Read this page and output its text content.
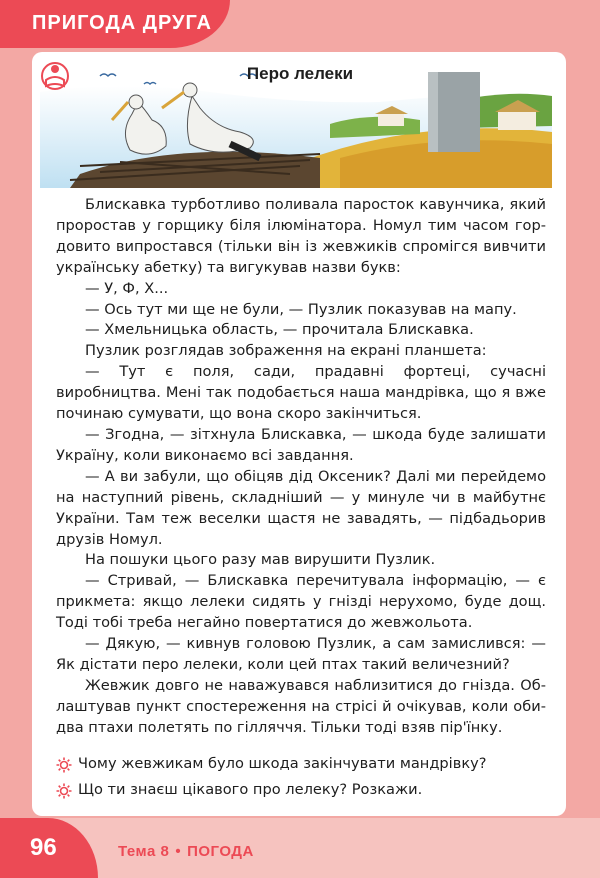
ПРИГОДА ДРУГА
Перо лелеки

Блискавка турботливо поливала паросток кавунчика, який проростав у горщику біля ілюмінатора. Номул тим часом гордовито випростався (тільки він із жевжиків спромігся вивчити українську абетку) та вигукував назви букв:

— У, Ф, Х...

— Ось тут ми ще не були, — Пузлик показував на мапу.

— Хмельницька область, — прочитала Блискавка.

Пузлик розглядав зображення на екрані планшета:

— Тут є поля, сади, прадавні фортеці, сучасні виробництва. Мені так подобається наша мандрівка, що я вже починаю сумувати, що вона скоро закінчиться.

— Згодна, — зітхнула Блискавка, — шкода буде залишати Україну, коли виконаємо всі завдання.

— А ви забули, що обіцяв дід Оксеник? Далі ми перейдемо на наступний рівень, складніший — у минуле чи в майбутнє України. Там теж веселки щастя не завадять, — підбадьорив друзів Номул.

На пошуки цього разу мав вирушити Пузлик.

— Стривай, — Блискавка перечитувала інформацію, — є прикмета: якщо лелеки сидять у гнізді нерухомо, буде дощ. Тоді тобі треба негайно повертатися до жевжольота.

— Дякую, — кивнув головою Пузлик, а сам замислився: — Як дістати перо лелеки, коли цей птах такий величезний?

Жевжик довго не наважувався наблизитися до гнізда. Облаштував пункт спостереження на стрісі й очікував, коли обидва птахи полетять по гілляччя. Тільки тоді взяв пір'їнку.

Чому жевжикам було шкода закінчувати мандрівку?
Що ти знаєш цікавого про лелеку? Розкажи.
96	Тема 8 • ПОГОДА
